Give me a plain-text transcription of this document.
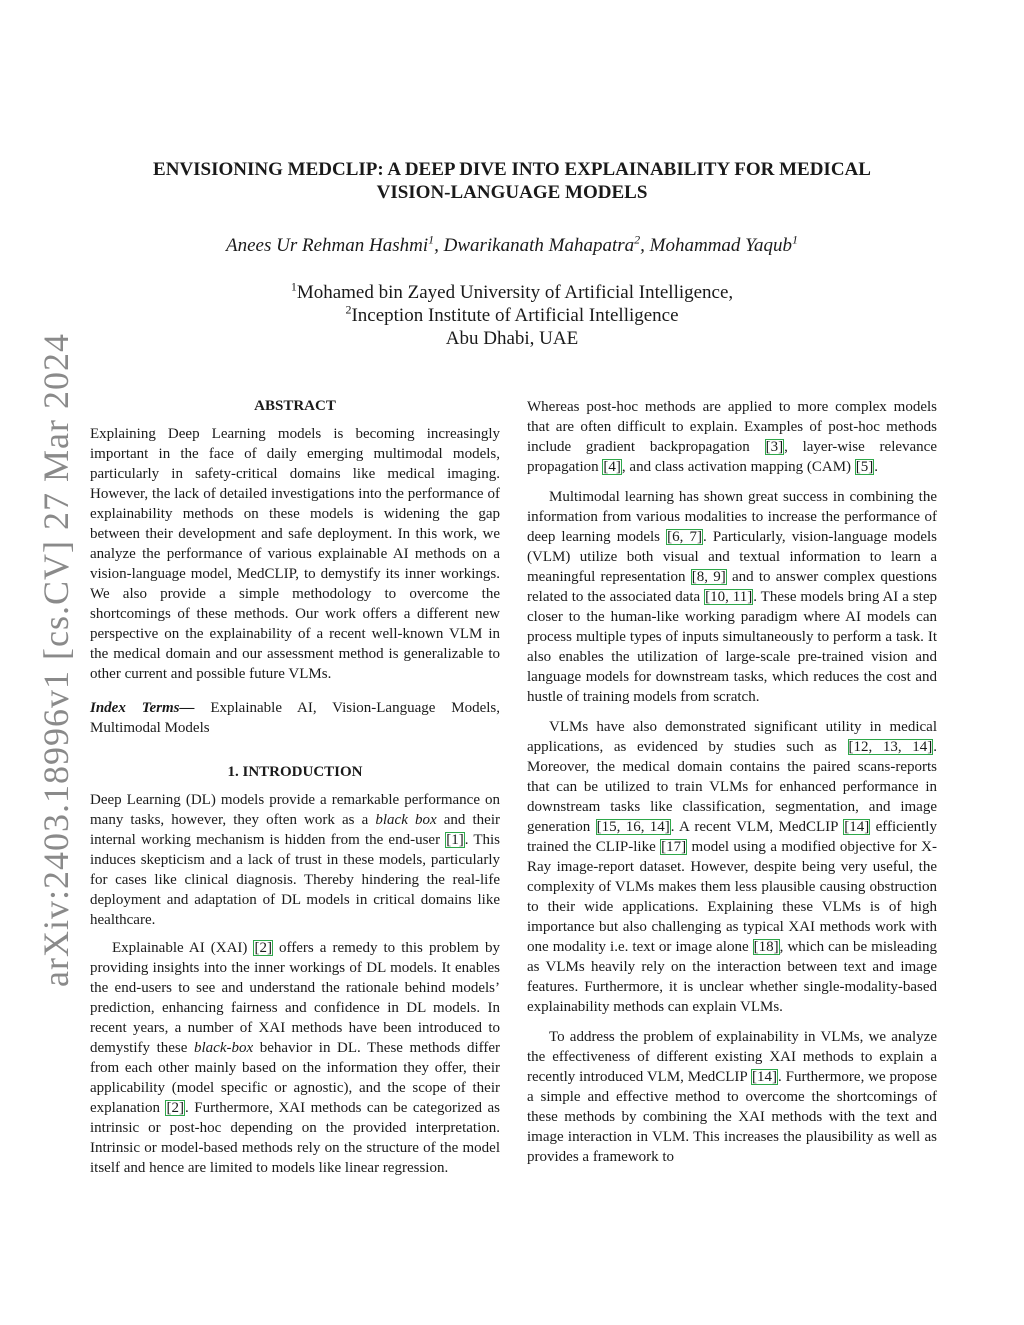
arXiv:2403.18996v1 [cs.CV] 27 Mar 2024
ENVISIONING MEDCLIP: A DEEP DIVE INTO EXPLAINABILITY FOR MEDICAL
VISION-LANGUAGE MODELS
Anees Ur Rehman Hashmi$^1$, Dwarikanath Mahapatra$^2$, Mohammad Yaqub$^1$
$^1$Mohamed bin Zayed University of Artificial Intelligence,
$^2$Inception Institute of Artificial Intelligence
Abu Dhabi, UAE
ABSTRACT

Explaining Deep Learning models is becoming increasingly important in the face of daily emerging multimodal models, particularly in safety-critical domains like medical imaging. However, the lack of detailed investigations into the performance of explainability methods on these models is widening the gap between their development and safe deployment. In this work, we analyze the performance of various explainable AI methods on a vision-language model, MedCLIP, to demystify its inner workings. We also provide a simple methodology to overcome the shortcomings of these methods. Our work offers a different new perspective on the explainability of a recent well-known VLM in the medical domain and our assessment method is generalizable to other current and possible future VLMs.

Index Terms— Explainable AI, Vision-Language Models, Multimodal Models

1. INTRODUCTION

Deep Learning (DL) models provide a remarkable performance on many tasks, however, they often work as a black box and their internal working mechanism is hidden from the end-user [1]. This induces skepticism and a lack of trust in these models, particularly for cases like clinical diagnosis. Thereby hindering the real-life deployment and adaptation of DL models in critical domains like healthcare.

Explainable AI (XAI) [2] offers a remedy to this problem by providing insights into the inner workings of DL models. It enables the end-users to see and understand the rationale behind models’ prediction, enhancing fairness and confidence in DL models. In recent years, a number of XAI methods have been introduced to demystify these black-box behavior in DL. These methods differ from each other mainly based on the information they offer, their applicability (model specific or agnostic), and the scope of their explanation [2]. Furthermore, XAI methods can be categorized as intrinsic or post-hoc depending on the provided interpretation. Intrinsic or model-based methods rely on the structure of the model itself and hence are limited to models like linear regression.

Whereas post-hoc methods are applied to more complex models that are often difficult to explain. Examples of post-hoc methods include gradient backpropagation [3], layer-wise relevance propagation [4], and class activation mapping (CAM) [5].

Multimodal learning has shown great success in combining the information from various modalities to increase the performance of deep learning models [6, 7]. Particularly, vision-language models (VLM) utilize both visual and textual information to learn a meaningful representation [8, 9] and to answer complex questions related to the associated data [10, 11]. These models bring AI a step closer to the human-like working paradigm where AI models can process multiple types of inputs simultaneously to perform a task. It also enables the utilization of large-scale pre-trained vision and language models for downstream tasks, which reduces the cost and hustle of training models from scratch.

VLMs have also demonstrated significant utility in medical applications, as evidenced by studies such as [12, 13, 14]. Moreover, the medical domain contains the paired scans-reports that can be utilized to train VLMs for enhanced performance in downstream tasks like classification, segmentation, and image generation [15, 16, 14]. A recent VLM, MedCLIP [14] efficiently trained the CLIP-like [17] model using a modified objective for X-Ray image-report dataset. However, despite being very useful, the complexity of VLMs makes them less plausible causing obstruction to their wide applications. Explaining these VLMs is of high importance but also challenging as typical XAI methods work with one modality i.e. text or image alone [18], which can be misleading as VLMs heavily rely on the interaction between text and image features. Furthermore, it is unclear whether single-modality-based explainability methods can explain VLMs.

To address the problem of explainability in VLMs, we analyze the effectiveness of different existing XAI methods to explain a recently introduced VLM, MedCLIP [14]. Furthermore, we propose a simple and effective method to overcome the shortcomings of these methods by combining the XAI methods with the text and image interaction in VLM. This increases the plausibility as well as provides a framework to
